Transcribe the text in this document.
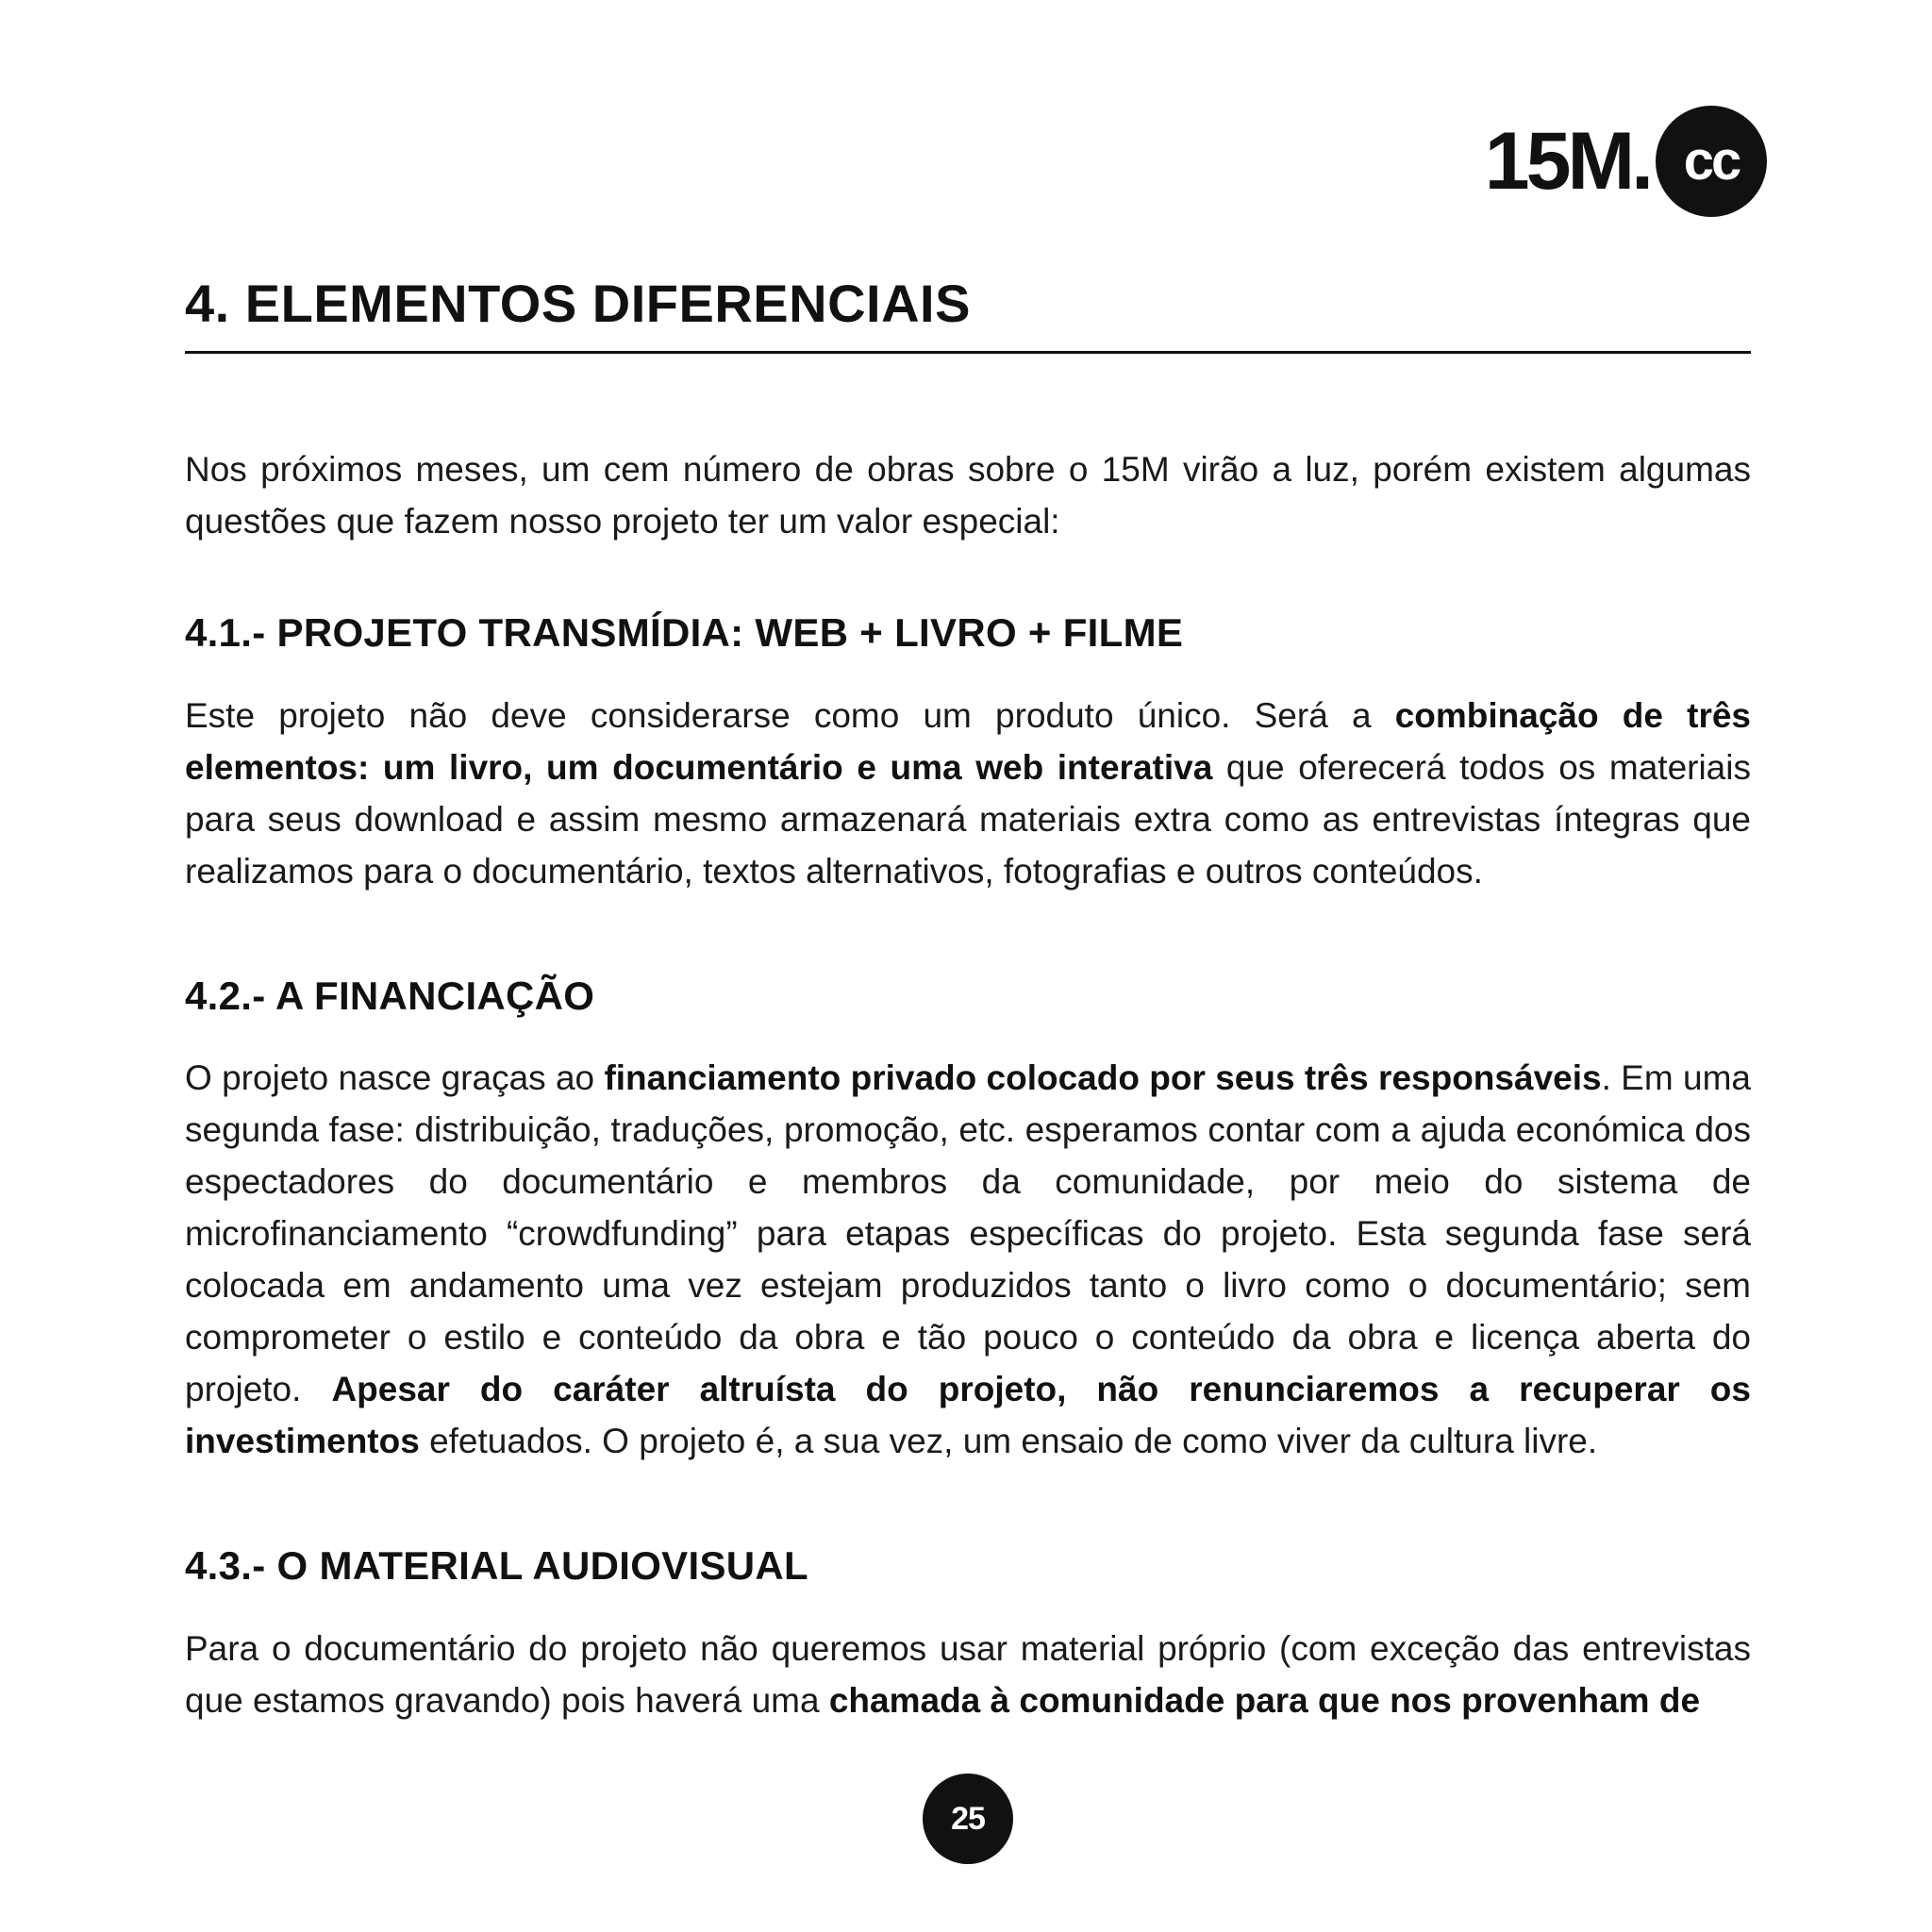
15M. cc
4. ELEMENTOS DIFERENCIAIS

Nos próximos meses, um cem número de obras sobre o 15M virão a luz, porém existem algumas questões que fazem nosso projeto ter um valor especial:

4.1.- PROJETO TRANSMÍDIA: WEB + LIVRO + FILME

Este projeto não deve considerarse como um produto único. Será a combinação de três elementos: um livro, um documentário e uma web interativa que oferecerá todos os materiais para seus download e assim mesmo armazenará materiais extra como as entrevistas íntegras que realizamos para o documentário, textos alternativos, fotografias e outros conteúdos.

4.2.- A FINANCIAÇÃO

O projeto nasce graças ao financiamento privado colocado por seus três responsáveis. Em uma segunda fase: distribuição, traduções, promoção, etc. esperamos contar com a ajuda económica dos espectadores do documentário e membros da comunidade, por meio do sistema de microfinanciamento “crowdfunding” para etapas específicas do projeto. Esta segunda fase será colocada em andamento uma vez estejam produzidos tanto o livro como o documentário; sem comprometer o estilo e conteúdo da obra e tão pouco o conteúdo da obra e licença aberta do projeto. Apesar do caráter altruísta do projeto, não renunciaremos a recuperar os investimentos efetuados. O projeto é, a sua vez, um ensaio de como viver da cultura livre.

4.3.- O MATERIAL AUDIOVISUAL

Para o documentário do projeto não queremos usar material próprio (com exceção das entrevistas que estamos gravando) pois haverá uma chamada à comunidade para que nos provenham de

25
